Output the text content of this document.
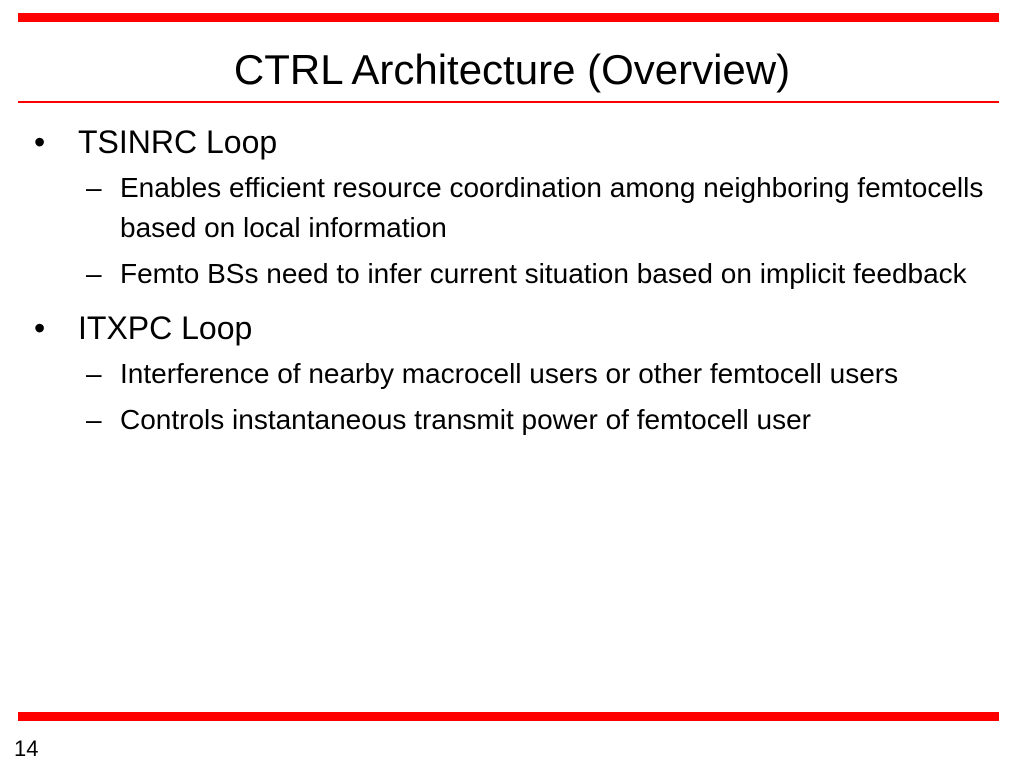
CTRL Architecture (Overview)

• TSINRC Loop

– Enables efficient resource coordination among neighboring femtocells based on local information

– Femto BSs need to infer current situation based on implicit feedback

• ITXPC Loop

– Interference of nearby macrocell users or other femtocell users

– Controls instantaneous transmit power of femtocell user

14
